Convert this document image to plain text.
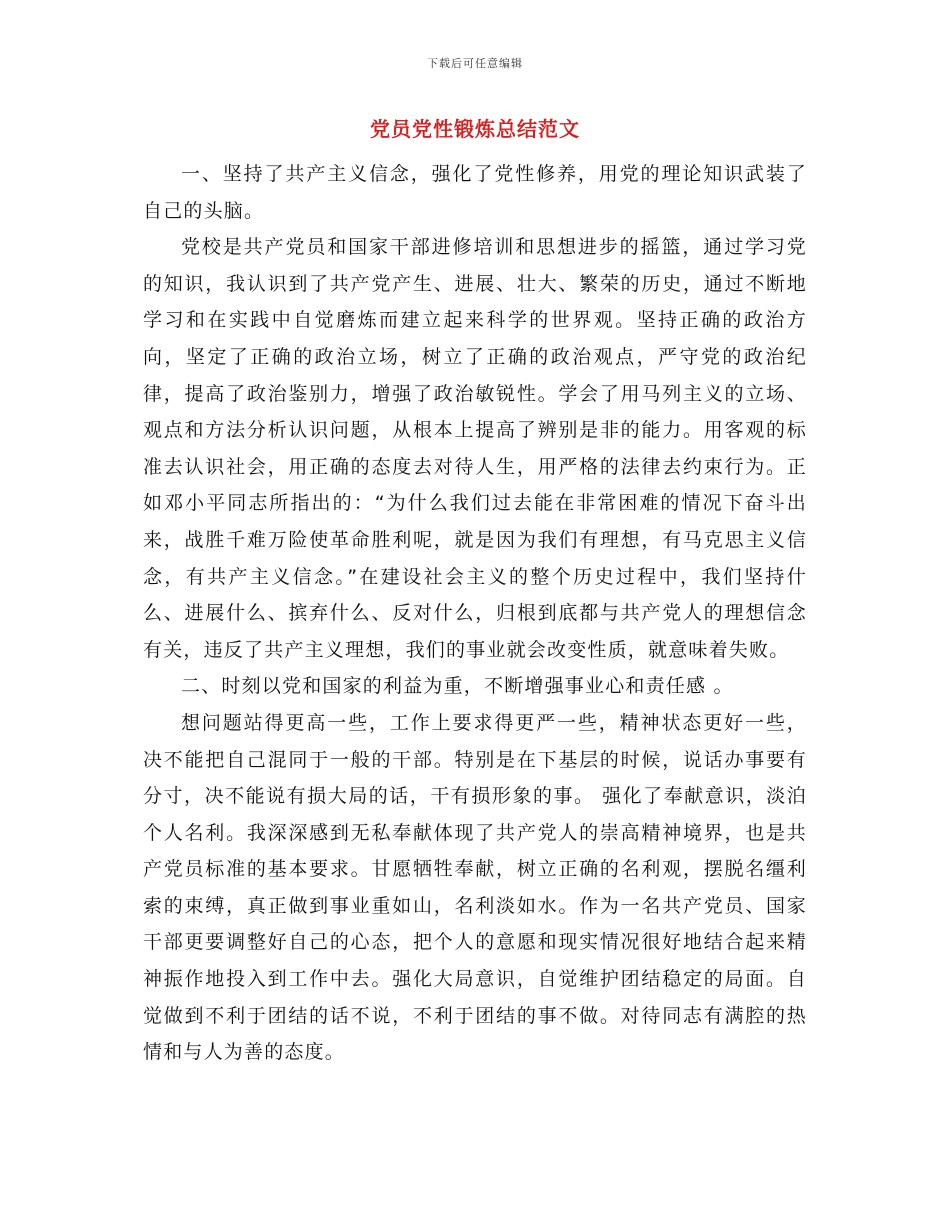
下载后可任意编辑
党员党性锻炼总结范文

一、坚持了共产主义信念，强化了党性修养，用党的理论知识武装了自己的头脑。

党校是共产党员和国家干部进修培训和思想进步的摇篮，通过学习党的知识，我认识到了共产党产生、进展、壮大、繁荣的历史，通过不断地学习和在实践中自觉磨炼而建立起来科学的世界观。坚持正确的政治方向，坚定了正确的政治立场，树立了正确的政治观点，严守党的政治纪律，提高了政治鉴别力，增强了政治敏锐性。学会了用马列主义的立场、观点和方法分析认识问题，从根本上提高了辨别是非的能力。用客观的标准去认识社会，用正确的态度去对待人生，用严格的法律去约束行为。正如邓小平同志所指出的：“为什么我们过去能在非常困难的情况下奋斗出来，战胜千难万险使革命胜利呢，就是因为我们有理想，有马克思主义信念，有共产主义信念。”在建设社会主义的整个历史过程中，我们坚持什么、进展什么、摈弃什么、反对什么，归根到底都与共产党人的理想信念有关，违反了共产主义理想，我们的事业就会改变性质，就意味着失败。

二、时刻以党和国家的利益为重，不断增强事业心和责任感 。

想问题站得更高一些，工作上要求得更严一些，精神状态更好一些，决不能把自己混同于一般的干部。特别是在下基层的时候，说话办事要有分寸，决不能说有损大局的话，干有损形象的事。 强化了奉献意识，淡泊个人名利。我深深感到无私奉献体现了共产党人的崇高精神境界，也是共产党员标准的基本要求。甘愿牺牲奉献，树立正确的名利观，摆脱名缰利索的束缚，真正做到事业重如山，名利淡如水。作为一名共产党员、国家干部更要调整好自己的心态，把个人的意愿和现实情况很好地结合起来精神振作地投入到工作中去。强化大局意识，自觉维护团结稳定的局面。自觉做到不利于团结的话不说，不利于团结的事不做。对待同志有满腔的热情和与人为善的态度。
